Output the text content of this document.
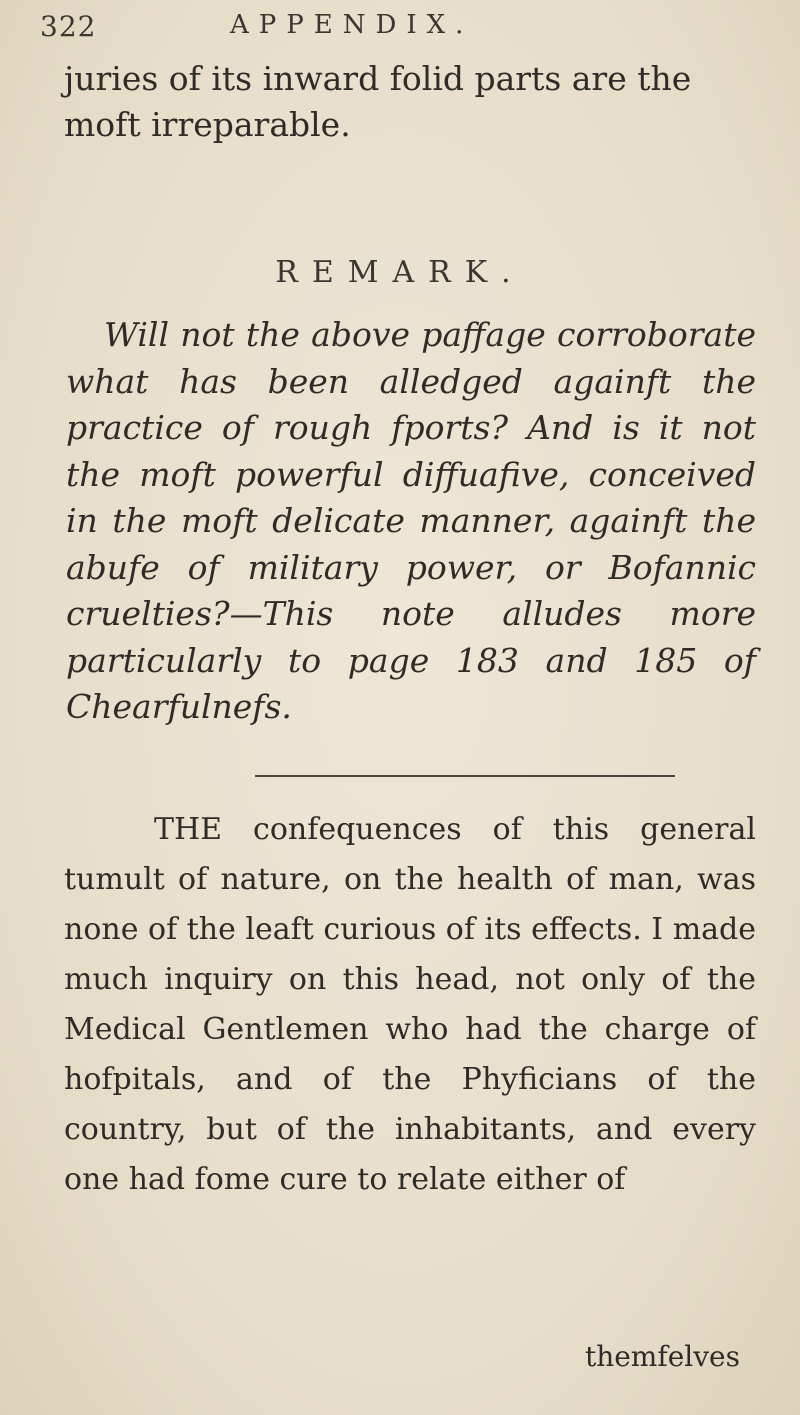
322	APPENDIX.

juries of its inward folid parts are the moft irreparable.

REMARK.

Will not the above paffage corroborate what has been alledged againft the practice of rough fports? And is it not the moft powerful diffuafive, conceived in the moft delicate manner, againft the abufe of military power, or Bofannic cruelties?—This note alludes more particularly to page 183 and 185 of Chearfulnefs.

THE confequences of this general tumult of nature, on the health of man, was none of the leaft curious of its effects. I made much inquiry on this head, not only of the Medical Gentlemen who had the charge of hofpitals, and of the Phyficians of the country, but of the inhabitants, and every one had fome cure to relate either of

themfelves
